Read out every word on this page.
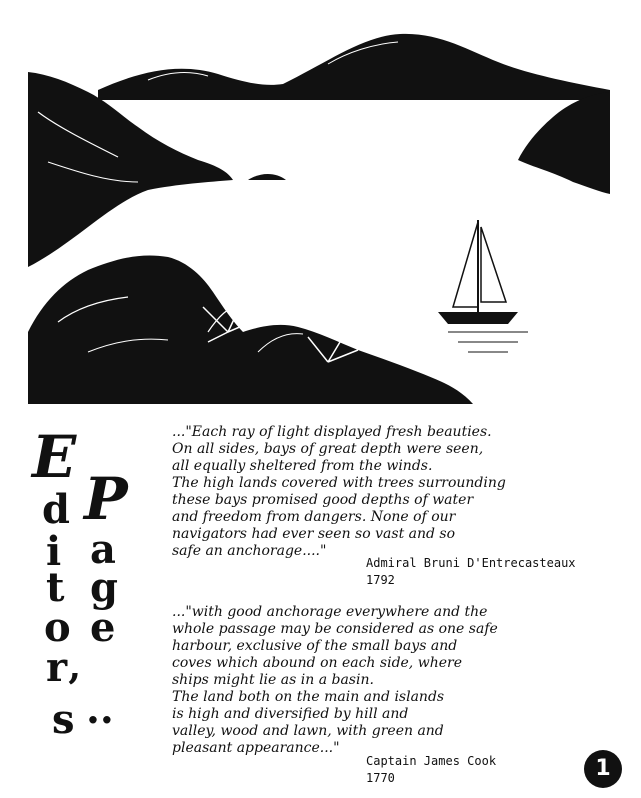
E
d
i
t
o
r
ʼ
s
P
a
g
e
..
..."Each ray of light displayed fresh beauties.
On all sides, bays of great depth were seen,
all equally sheltered from the winds.
The high lands covered with trees surrounding
these bays promised good depths of water
and freedom from dangers. None of our
navigators had ever seen so vast and so
safe an anchorage...."
Admiral Bruni D'Entrecasteaux
1792
..."with good anchorage everywhere and the
whole passage may be considered as one safe
harbour, exclusive of the small bays and
coves which abound on each side, where
ships might lie as in a basin.
The land both on the main and islands
is high and diversified by hill and
valley, wood and lawn, with green and
pleasant appearance..."
Captain James Cook
1770	1
